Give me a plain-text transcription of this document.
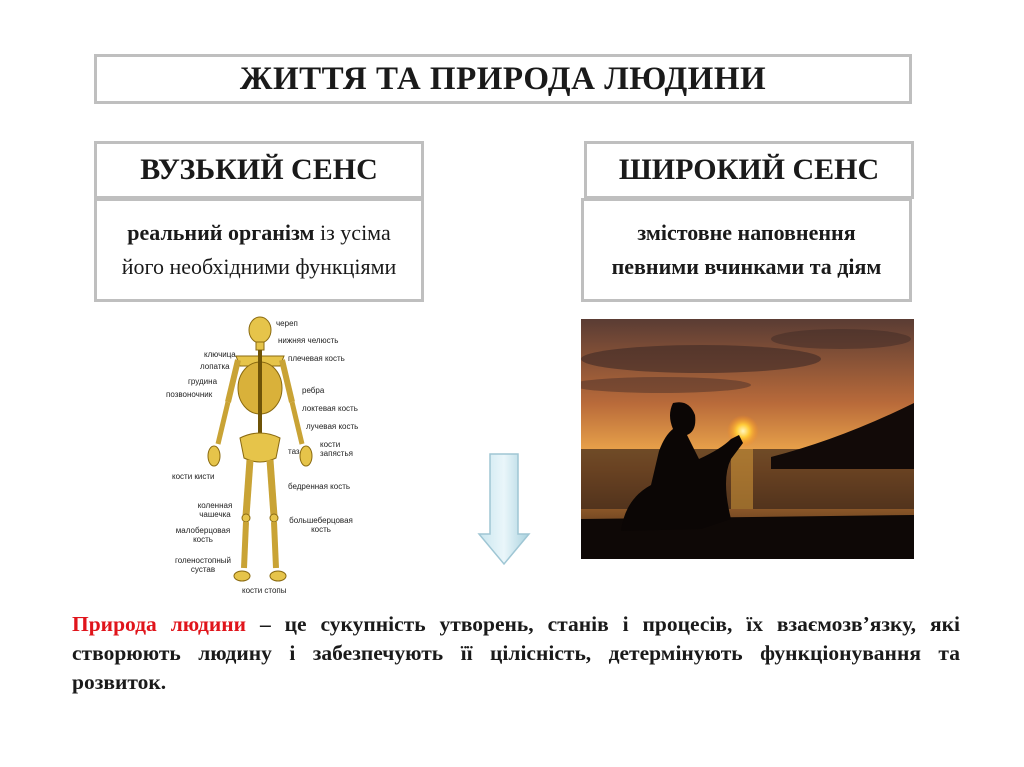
ЖИТТЯ ТА ПРИРОДА ЛЮДИНИ
ВУЗЬКИЙ СЕНС
реальний організм із усіма його необхідними функціями
ШИРОКИЙ СЕНС
змістовне наповнення певними вчинками та діям
череп
нижняя челюсть
плечевая кость
ключица
лопатка
грудина
позвоночник	ребра
локтевая кость
лучевая кость
кости запястья
таз
кости кисти
бедренная кость
коленная чашечка
большеберцовая кость
малоберцовая кость
голеностопный сустав
кости стопы
Природа людини – це сукупність утворень, станів і процесів, їх взаємозв’язку, які створюють людину і забезпечують її цілісність, детермінують функціонування та розвиток.
